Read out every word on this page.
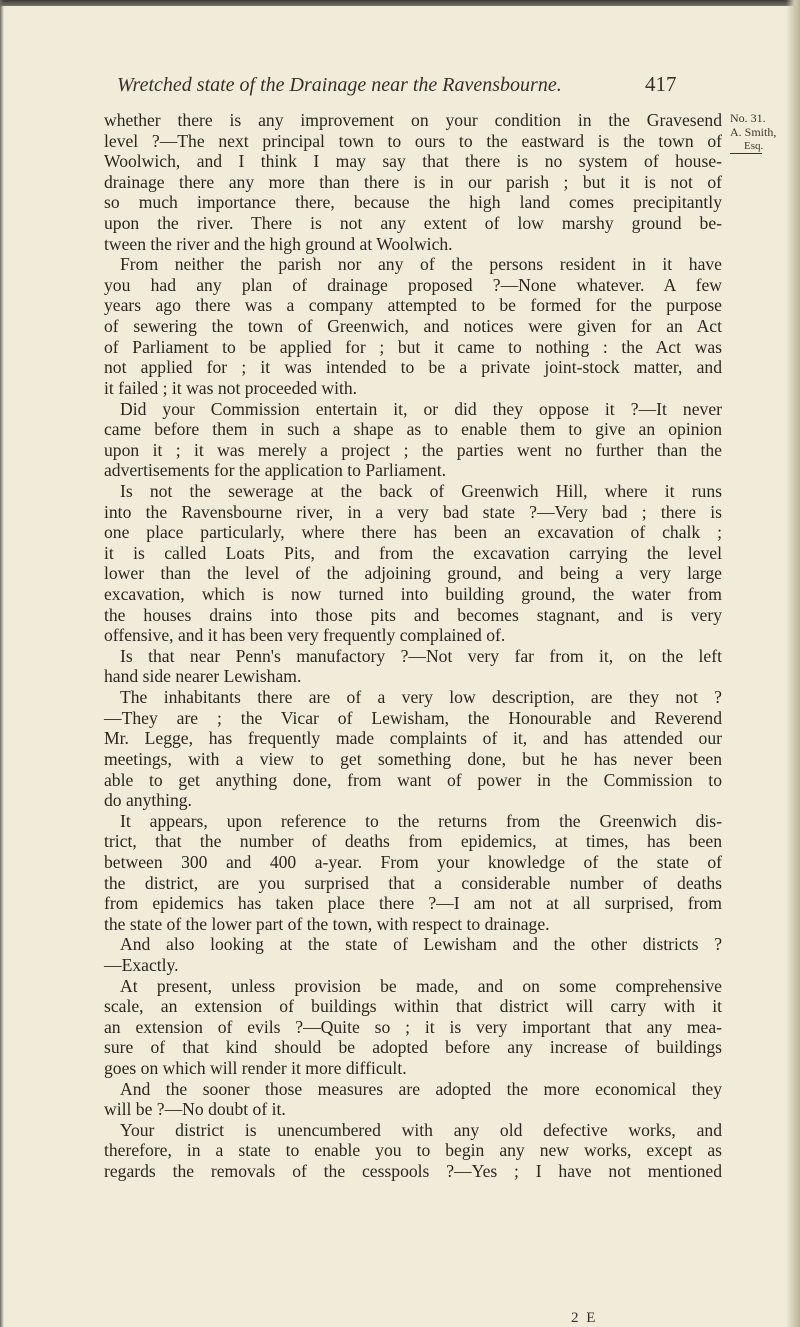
Wretched state of the Drainage near the Ravensbourne.	417
No. 31.
A. Smith,
Esq.
whether there is any improvement on your condition in the Gravesend
level ?—The next principal town to ours to the eastward is the town of
Woolwich, and I think I may say that there is no system of house-
drainage there any more than there is in our parish ; but it is not of
so much importance there, because the high land comes precipitantly
upon the river. There is not any extent of low marshy ground be-
tween the river and the high ground at Woolwich.
From neither the parish nor any of the persons resident in it have
you had any plan of drainage proposed ?—None whatever. A few
years ago there was a company attempted to be formed for the purpose
of sewering the town of Greenwich, and notices were given for an Act
of Parliament to be applied for ; but it came to nothing : the Act was
not applied for ; it was intended to be a private joint-stock matter, and
it failed ; it was not proceeded with.
Did your Commission entertain it, or did they oppose it ?—It never
came before them in such a shape as to enable them to give an opinion
upon it ; it was merely a project ; the parties went no further than the
advertisements for the application to Parliament.
Is not the sewerage at the back of Greenwich Hill, where it runs
into the Ravensbourne river, in a very bad state ?—Very bad ; there is
one place particularly, where there has been an excavation of chalk ;
it is called Loats Pits, and from the excavation carrying the level
lower than the level of the adjoining ground, and being a very large
excavation, which is now turned into building ground, the water from
the houses drains into those pits and becomes stagnant, and is very
offensive, and it has been very frequently complained of.
Is that near Penn's manufactory ?—Not very far from it, on the left
hand side nearer Lewisham.
The inhabitants there are of a very low description, are they not ?
—They are ; the Vicar of Lewisham, the Honourable and Reverend
Mr. Legge, has frequently made complaints of it, and has attended our
meetings, with a view to get something done, but he has never been
able to get anything done, from want of power in the Commission to
do anything.
It appears, upon reference to the returns from the Greenwich dis-
trict, that the number of deaths from epidemics, at times, has been
between 300 and 400 a-year. From your knowledge of the state of
the district, are you surprised that a considerable number of deaths
from epidemics has taken place there ?—I am not at all surprised, from
the state of the lower part of the town, with respect to drainage.
And also looking at the state of Lewisham and the other districts ?
—Exactly.
At present, unless provision be made, and on some comprehensive
scale, an extension of buildings within that district will carry with it
an extension of evils ?—Quite so ; it is very important that any mea-
sure of that kind should be adopted before any increase of buildings
goes on which will render it more difficult.
And the sooner those measures are adopted the more economical they
will be ?—No doubt of it.
Your district is unencumbered with any old defective works, and
therefore, in a state to enable you to begin any new works, except as
regards the removals of the cesspools ?—Yes ; I have not mentioned
2 E
